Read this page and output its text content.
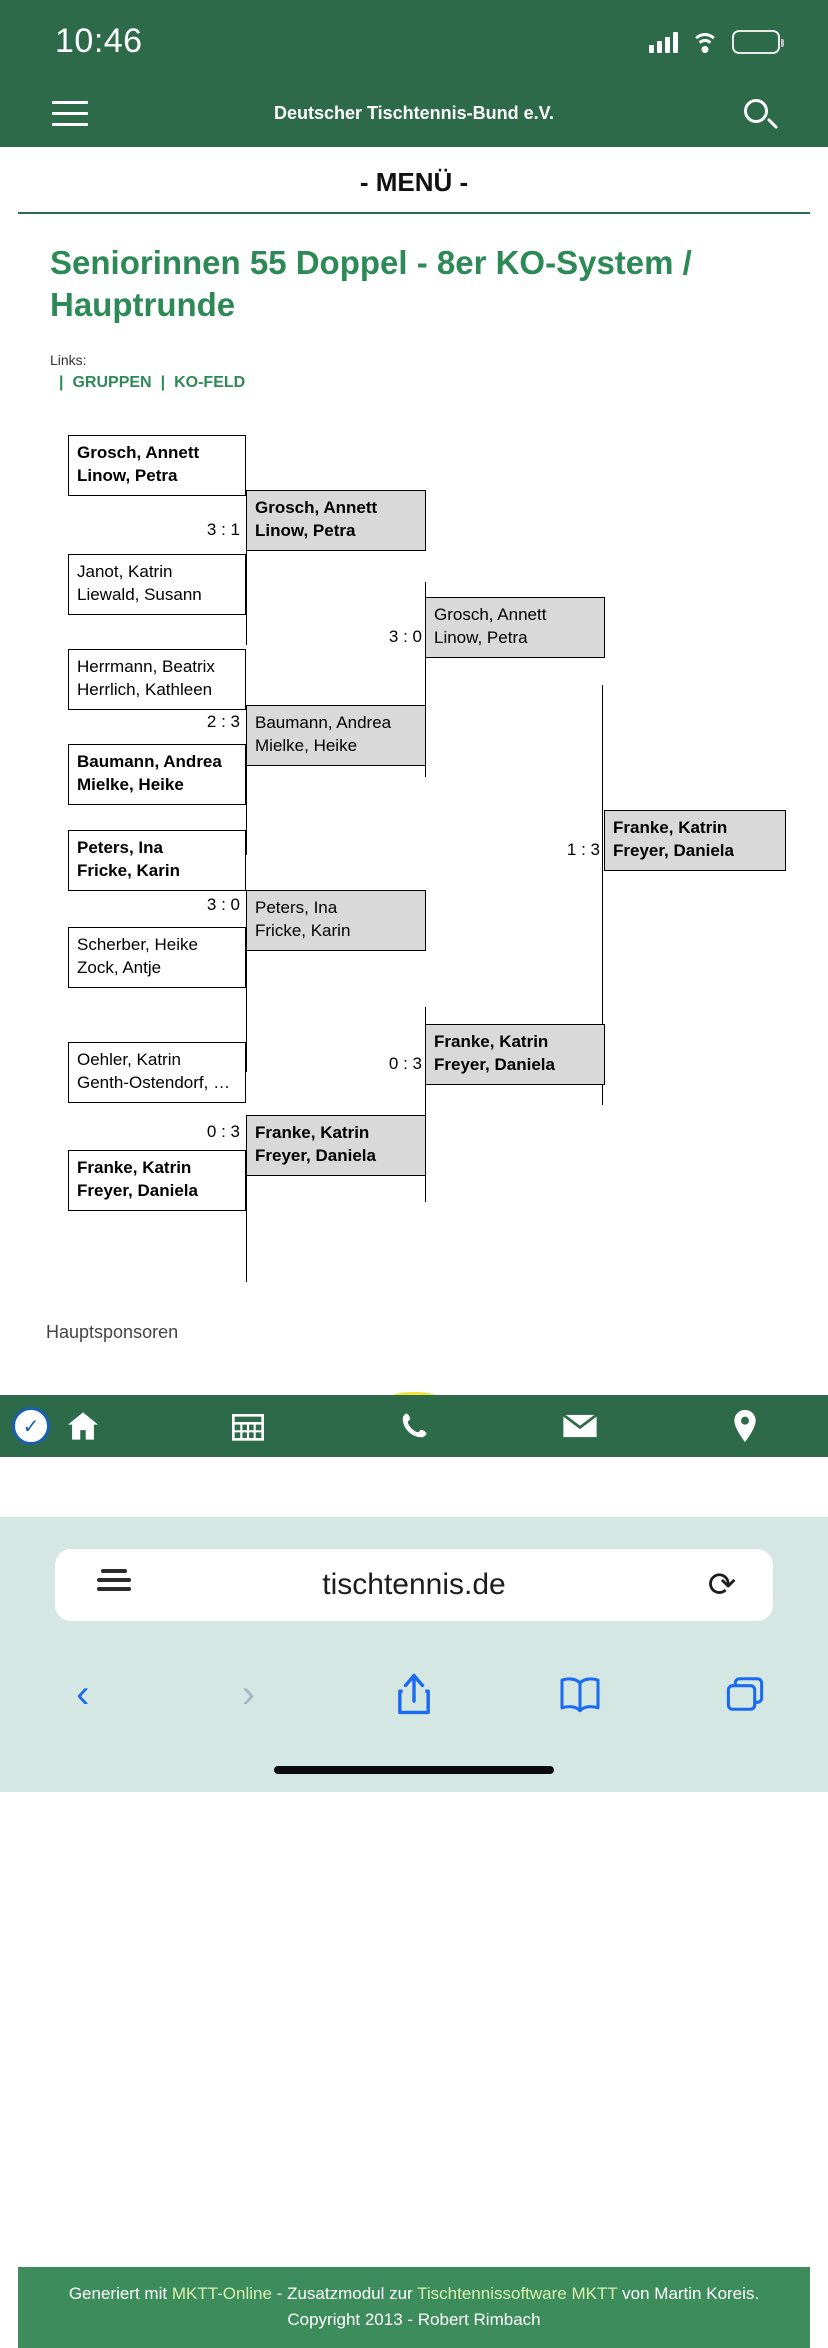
10:46
Deutscher Tischtennis-Bund e.V.
- MENÜ -
Seniorinnen 55 Doppel - 8er KO-System / Hauptrunde
Links:
| GRUPPEN | KO-FELD
Grosch, Annett
Linow, Petra
3 : 1
Janot, Katrin
Liewald, Susann
Herrmann, Beatrix
Herrlich, Kathleen
2 : 3
Baumann, Andrea
Mielke, Heike
Peters, Ina
Fricke, Karin
3 : 0
Scherber, Heike
Zock, Antje
Oehler, Katrin
Genth-Ostendorf, …
0 : 3
Franke, Katrin
Freyer, Daniela
Grosch, Annett
Linow, Petra
Baumann, Andrea
Mielke, Heike
Peters, Ina
Fricke, Karin
Franke, Katrin
Freyer, Daniela
Grosch, Annett
Linow, Petra
3 : 0
Franke, Katrin
Freyer, Daniela
0 : 3
Franke, Katrin
Freyer, Daniela
1 : 3
Generiert mit MKTT-Online - Zusatzmodul zur Tischtennissoftware MKTT von Martin Koreis.
Copyright 2013 - Robert Rimbach
Hauptsponsoren
✓
tischtennis.de	⟳
‹	›
